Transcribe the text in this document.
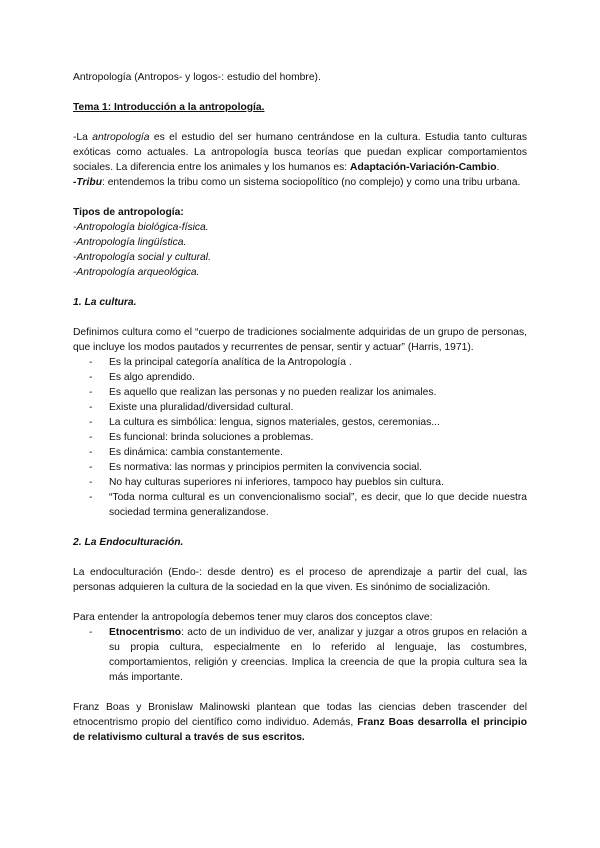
Antropología (Antropos- y logos-: estudio del hombre).

Tema 1: Introducción a la antropología.

-La antropología es el estudio del ser humano centrándose en la cultura. Estudia tanto culturas exóticas como actuales. La antropología busca teorías que puedan explicar comportamientos sociales. La diferencia entre los animales y los humanos es: Adaptación-Variación-Cambio.

-Tribu: entendemos la tribu como un sistema sociopolítico (no complejo) y como una tribu urbana.

Tipos de antropología:

-Antropología biológica-física.

-Antropología lingüística.

-Antropología social y cultural.

-Antropología arqueológica.

1. La cultura.

Definimos cultura como el “cuerpo de tradiciones socialmente adquiridas de un grupo de personas, que incluye los modos pautados y recurrentes de pensar, sentir y actuar” (Harris, 1971).

- Es la principal categoría analítica de la Antropología .
- Es algo aprendido.
- Es aquello que realizan las personas y no pueden realizar los animales.
- Existe una pluralidad/diversidad cultural.
- La cultura es simbólica: lengua, signos materiales, gestos, ceremonias...
- Es funcional: brinda soluciones a problemas.
- Es dinámica: cambia constantemente.
- Es normativa: las normas y principios permiten la convivencia social.
- No hay culturas superiores ni inferiores, tampoco hay pueblos sin cultura.
- “Toda norma cultural es un convencionalismo social”, es decir, que lo que decide nuestra sociedad termina generalizandose.

2. La Endoculturación.

La endoculturación (Endo-: desde dentro) es el proceso de aprendizaje a partir del cual, las personas adquieren la cultura de la sociedad en la que viven. Es sinónimo de socialización.

Para entender la antropología debemos tener muy claros dos conceptos clave:

- Etnocentrismo: acto de un individuo de ver, analizar y juzgar a otros grupos en relación a su propia cultura, especialmente en lo referido al lenguaje, las costumbres, comportamientos, religión y creencias. Implica la creencia de que la propia cultura sea la más importante.

Franz Boas y Bronislaw Malinowski plantean que todas las ciencias deben trascender del etnocentrismo propio del científico como individuo. Además, Franz Boas desarrolla el principio de relativismo cultural a través de sus escritos.
